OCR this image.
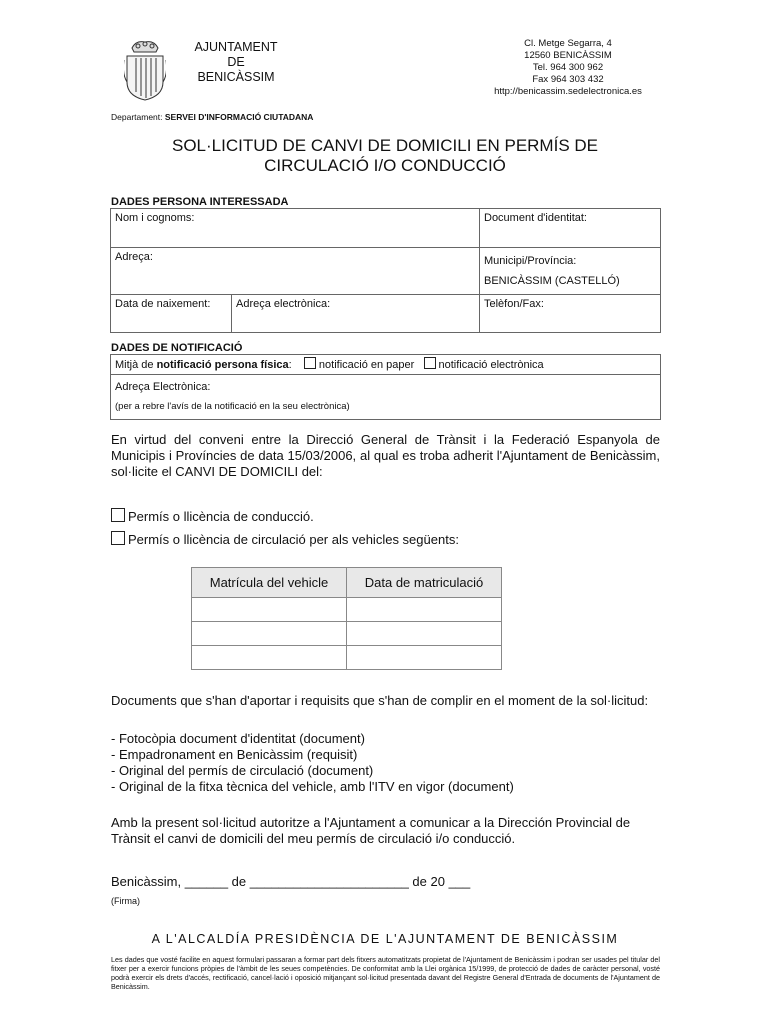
AJUNTAMENT
DE
BENICÀSSIM
Cl. Metge Segarra, 4
12560 BENICÀSSIM
Tel. 964 300 962
Fax 964 303 432
http://benicassim.sedelectronica.es
Departament: SERVEI D'INFORMACIÓ CIUTADANA
SOL·LICITUD DE CANVI DE DOMICILI EN PERMÍS DE
CIRCULACIÓ I/O CONDUCCIÓ
DADES PERSONA INTERESSADA
Nom i cognoms:		Document d'identitat:
Adreça:		Municipi/Província:
BENICÀSSIM (CASTELLÓ)

Data de naixement:	Adreça electrònica:	Telèfon/Fax:
DADES DE NOTIFICACIÓ
Mitjà de notificació persona física: notificació en paper notificació electrònica

Adreça Electrònica:
(per a rebre l'avís de la notificació en la seu electrònica)
En virtud del conveni entre la Direcció General de Trànsit i la Federació Espanyola de Municipis i Províncies de data 15/03/2006, al qual es troba adherit l'Ajuntament de Benicàssim, sol·licite el CANVI DE DOMICILI del:
Permís o llicència de conducció.
Permís o llicència de circulació per als vehicles següents:
Matrícula del vehicle	Data de matriculació

Documents que s'han d'aportar i requisits que s'han de complir en el moment de la sol·licitud:
- Fotocòpia document d'identitat (document)
- Empadronament en Benicàssim (requisit)
- Original del permís de circulació (document)
- Original de la fitxa tècnica del vehicle, amb l'ITV en vigor (document)
Amb la present sol·licitud autoritze a l'Ajuntament a comunicar a la Dirección Provincial de Trànsit el canvi de domicili del meu permís de circulació i/o conducció.
Benicàssim, ______ de ______________________ de 20 ___
(Firma)
A L'ALCALDÍA PRESIDÈNCIA DE L'AJUNTAMENT DE BENICÀSSIM
Les dades que vosté facilite en aquest formulari passaran a formar part dels fitxers automatitzats propietat de l'Ajuntament de Benicàssim i podran ser usades pel titular del fitxer per a exercir funcions pròpies de l'àmbit de les seues competències. De conformitat amb la Llei orgànica 15/1999, de protecció de dades de caràcter personal, vosté podrà exercir els drets d'accés, rectificació, cancel·lació i oposició mitjançant sol·licitud presentada davant del Registre General d'Entrada de documents de l'Ajuntament de Benicàssim.
